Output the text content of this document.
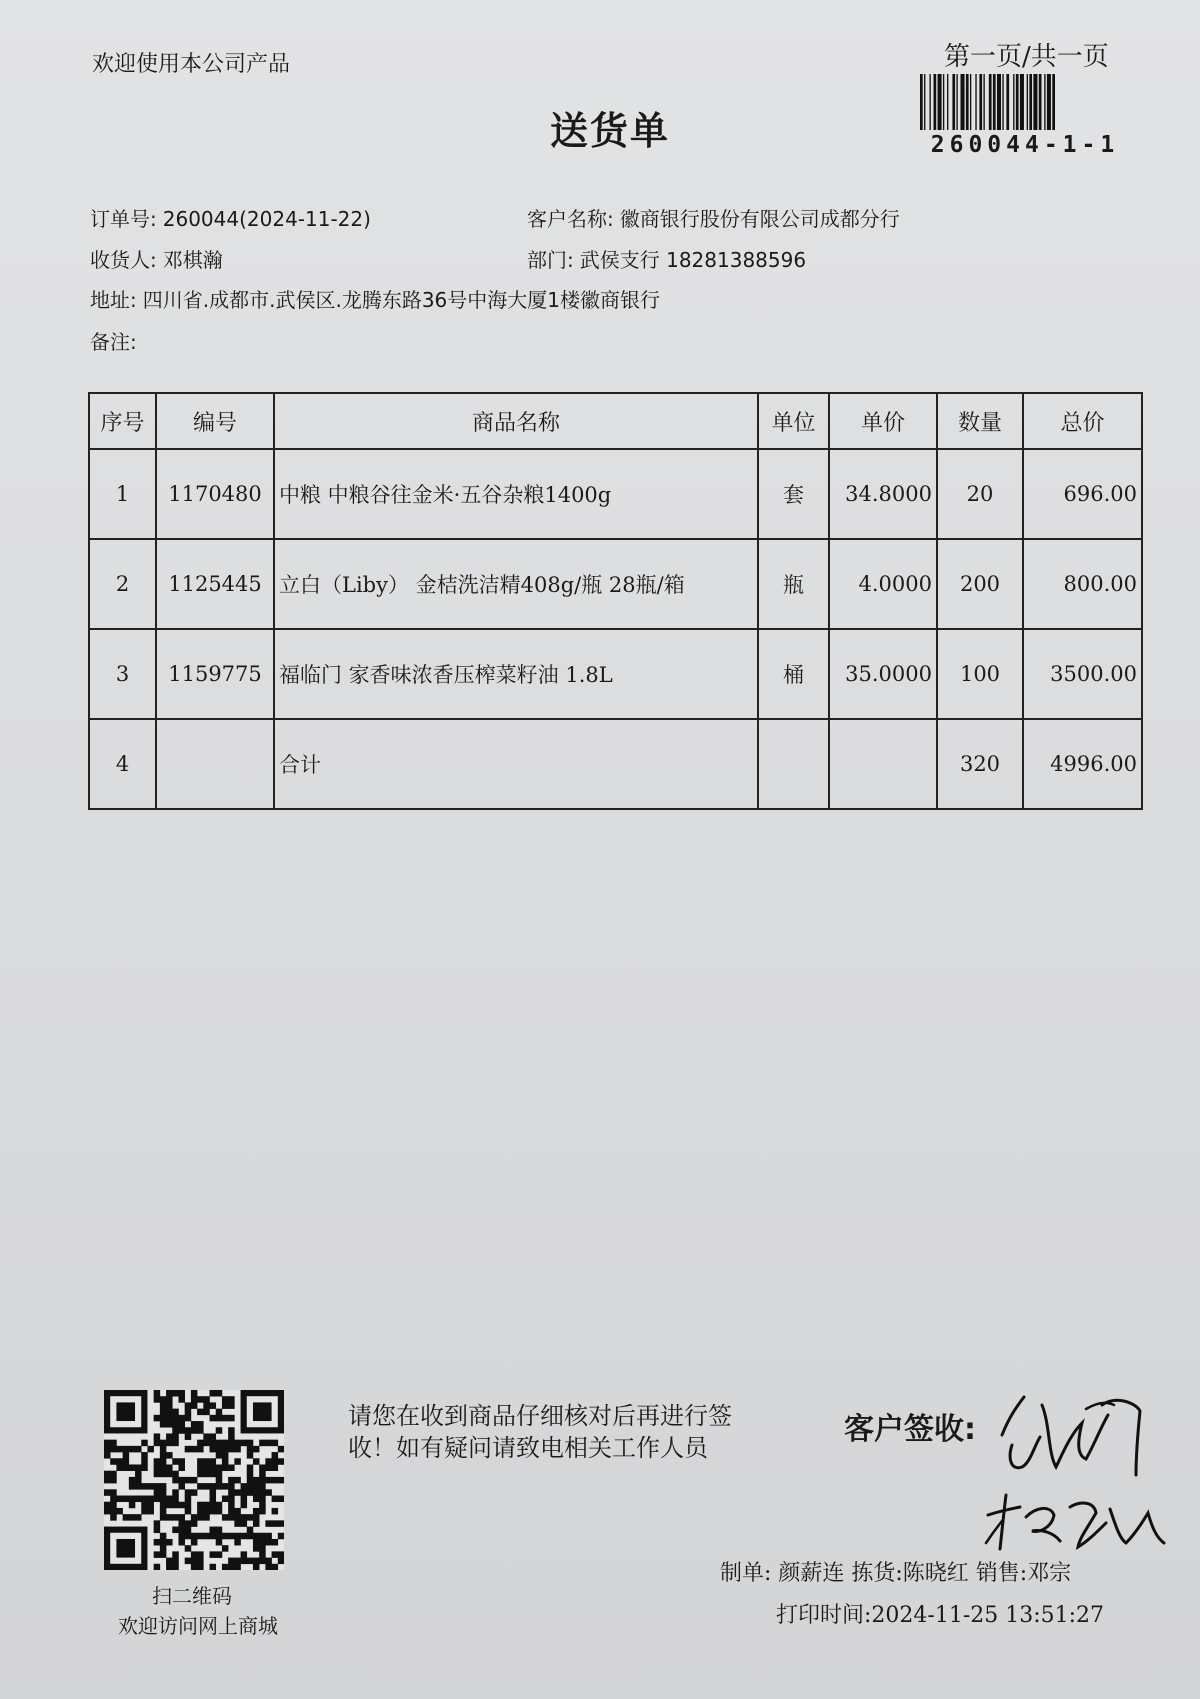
欢迎使用本公司产品	第一页/共一页
260044-1-1
送货单
订单号: 260044(2024-11-22)	客户名称: 徽商银行股份有限公司成都分行
收货人: 邓棋瀚	部门: 武侯支行 18281388596
地址: 四川省.成都市.武侯区.龙腾东路36号中海大厦1楼徽商银行
备注:
序号	编号	商品名称	单位	单价	数量	总价
1	1170480	中粮 中粮谷往金米·五谷杂粮1400g	套	34.8000	20	696.00
2	1125445	立白（Liby） 金桔洗洁精408g/瓶 28瓶/箱	瓶	4.0000	200	800.00
3	1159775	福临门 家香味浓香压榨菜籽油 1.8L	桶	35.0000	100	3500.00
4		合计			320	4996.00
扫二维码
欢迎访问网上商城
请您在收到商品仔细核对后再进行签收！如有疑问请致电相关工作人员
客户签收:
制单: 颜薪连 拣货:陈晓红 销售:邓宗
打印时间:2024-11-25 13:51:27
